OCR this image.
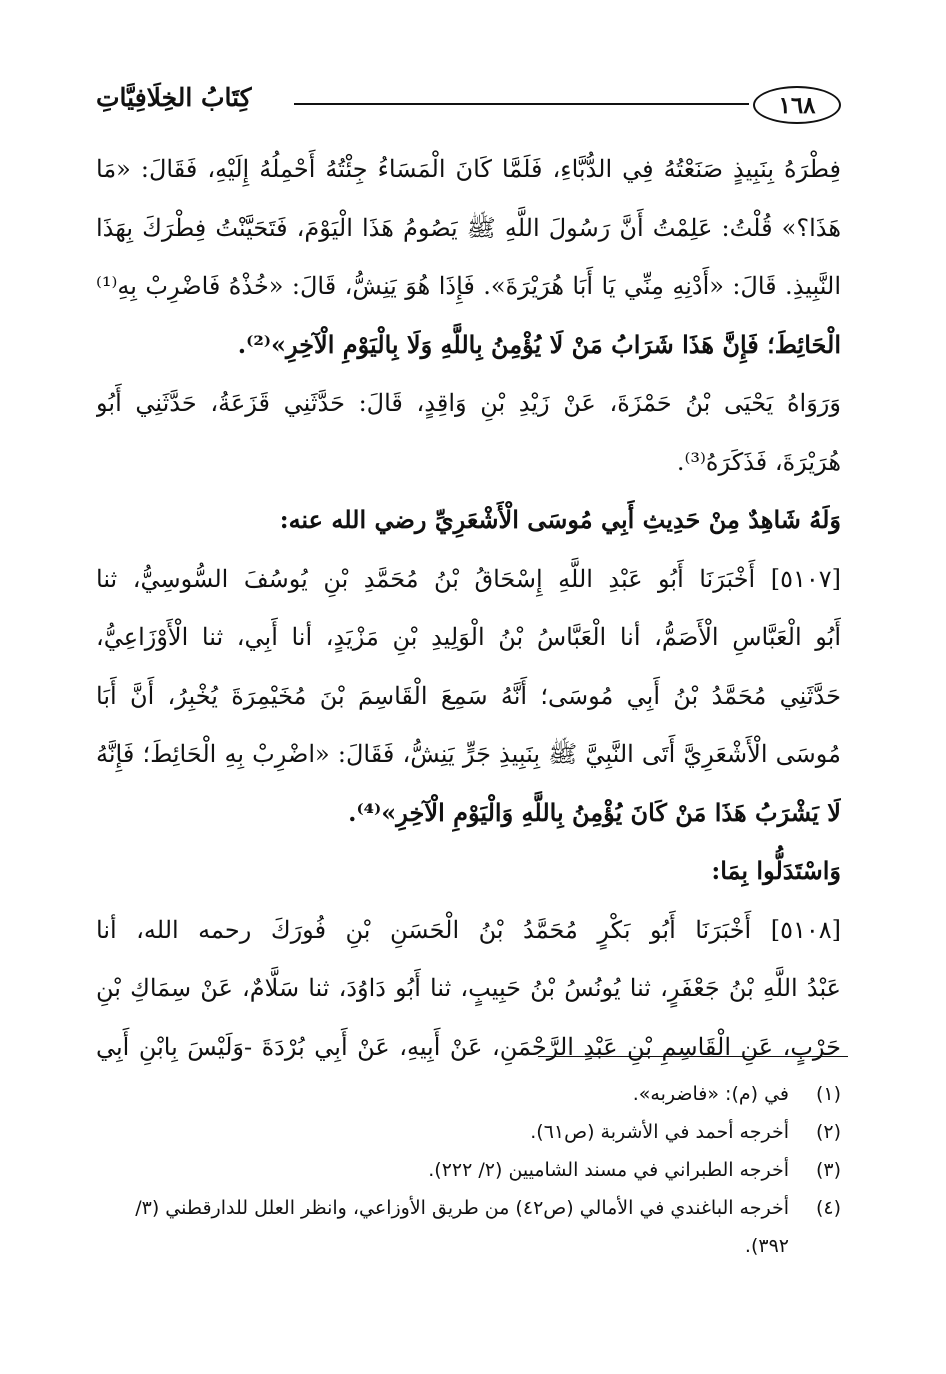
١٦٨
كِتَابُ الخِلَافِيَّاتِ
فِطْرَهُ بِنَبِيذٍ صَنَعْتُهُ فِي الدُّبَّاءِ، فَلَمَّا كَانَ الْمَسَاءُ جِئْتُهُ أَحْمِلُهُ إِلَيْهِ، فَقَالَ: «مَا
هَذَا؟» قُلْتُ: عَلِمْتُ أَنَّ رَسُولَ اللَّهِ ﷺ يَصُومُ هَذَا الْيَوْمَ، فَتَحَيَّنْتُ فِطْرَكَ بِهَذَا
النَّبِيذِ. قَالَ: «أَدْنِهِ مِنِّي يَا أَبَا هُرَيْرَةَ». فَإِذَا هُوَ يَنِشُّ، قَالَ: «خُذْهُ فَاضْرِبْ بِهِ⁽¹⁾
الْحَائِطَ؛ فَإِنَّ هَذَا شَرَابُ مَنْ لَا يُؤْمِنُ بِاللَّهِ وَلَا بِالْيَوْمِ الْآخِرِ»⁽²⁾.
وَرَوَاهُ يَحْيَى بْنُ حَمْزَةَ، عَنْ زَيْدِ بْنِ وَاقِدٍ، قَالَ: حَدَّثَنِي قَزَعَةُ، حَدَّثَنِي أَبُو
هُرَيْرَةَ، فَذَكَرَهُ⁽³⁾.
وَلَهُ شَاهِدٌ مِنْ حَدِيثِ أَبِي مُوسَى الْأَشْعَرِيِّ رضي الله عنه:
[٥١٠٧] أَخْبَرَنَا أَبُو عَبْدِ اللَّهِ إِسْحَاقُ بْنُ مُحَمَّدِ بْنِ يُوسُفَ السُّوسِيُّ، ثنا
أَبُو الْعَبَّاسِ الْأَصَمُّ، أنا الْعَبَّاسُ بْنُ الْوَلِيدِ بْنِ مَزْيَدٍ، أنا أَبِي، ثنا الْأَوْزَاعِيُّ،
حَدَّثَنِي مُحَمَّدُ بْنُ أَبِي مُوسَى؛ أَنَّهُ سَمِعَ الْقَاسِمَ بْنَ مُخَيْمِرَةَ يُخْبِرُ، أَنَّ أَبَا
مُوسَى الْأَشْعَرِيَّ أَتَى النَّبِيَّ ﷺ بِنَبِيذِ جَرٍّ يَنِشُّ، فَقَالَ: «اضْرِبْ بِهِ الْحَائِطَ؛ فَإِنَّهُ
لَا يَشْرَبُ هَذَا مَنْ كَانَ يُؤْمِنُ بِاللَّهِ وَالْيَوْمِ الْآخِرِ»⁽⁴⁾.
وَاسْتَدَلُّوا بِمَا:
[٥١٠٨] أَخْبَرَنَا أَبُو بَكْرٍ مُحَمَّدُ بْنُ الْحَسَنِ بْنِ فُورَكَ رحمه الله، أنا
عَبْدُ اللَّهِ بْنُ جَعْفَرٍ، ثنا يُونُسُ بْنُ حَبِيبٍ، ثنا أَبُو دَاوُدَ، ثنا سَلَّامٌ، عَنْ سِمَاكِ بْنِ
حَرْبٍ، عَنِ الْقَاسِمِ بْنِ عَبْدِ الرَّحْمَنِ، عَنْ أَبِيهِ، عَنْ أَبِي بُرْدَةَ -وَلَيْسَ بِابْنِ أَبِي
(١)
في (م): «فاضربه».
(٢)
أخرجه أحمد في الأشربة (ص٦١).
(٣)
أخرجه الطبراني في مسند الشاميين (٢/ ٢٢٢).
(٤)
أخرجه الباغندي في الأمالي (ص٤٢) من طريق الأوزاعي، وانظر العلل للدارقطني (٣/
٣٩٢).
